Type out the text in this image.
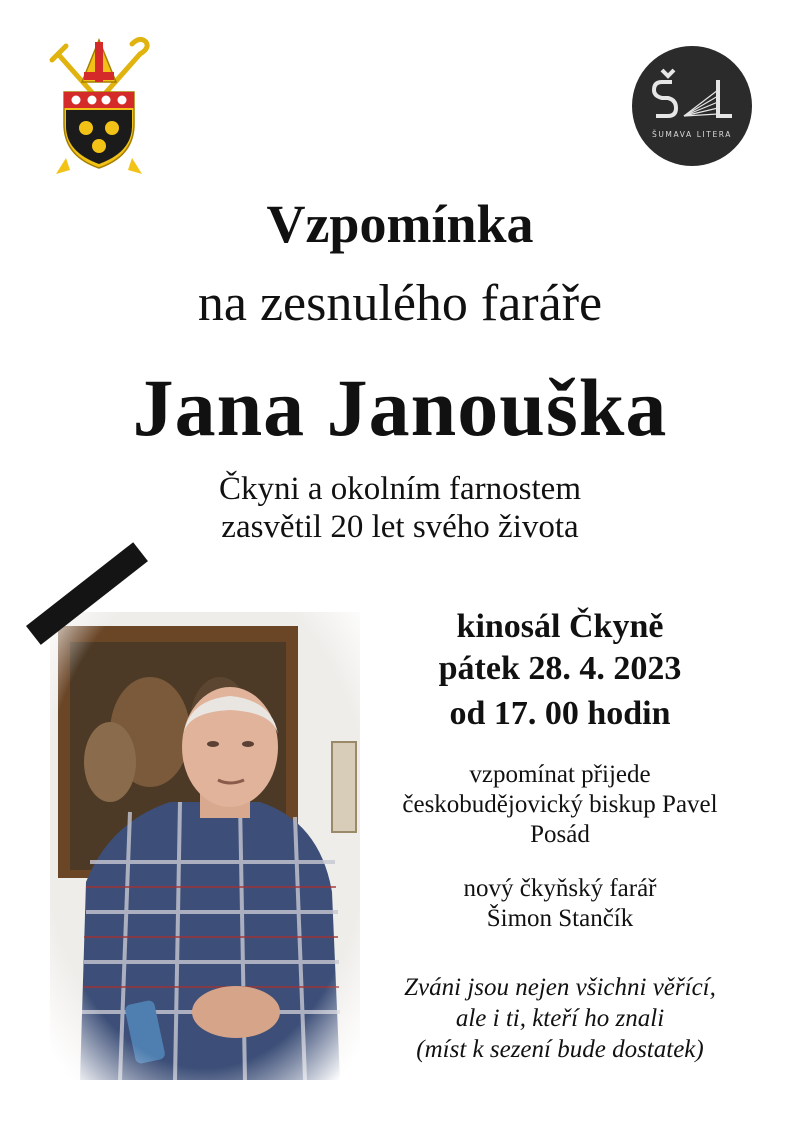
ŠUMAVA LITERA
Vzpomínka
na zesnulého faráře
Jana Janouška
Čkyni a okolním farnostem
zasvětil 20 let svého života
kinosál Čkyně
pátek 28. 4. 2023
od 17. 00 hodin
vzpomínat přijede
českobudějovický biskup Pavel
Posád
nový čkyňský farář
Šimon Stančík
Zváni jsou nejen všichni věřící,
ale i ti, kteří ho znali
(míst k sezení bude dostatek)
